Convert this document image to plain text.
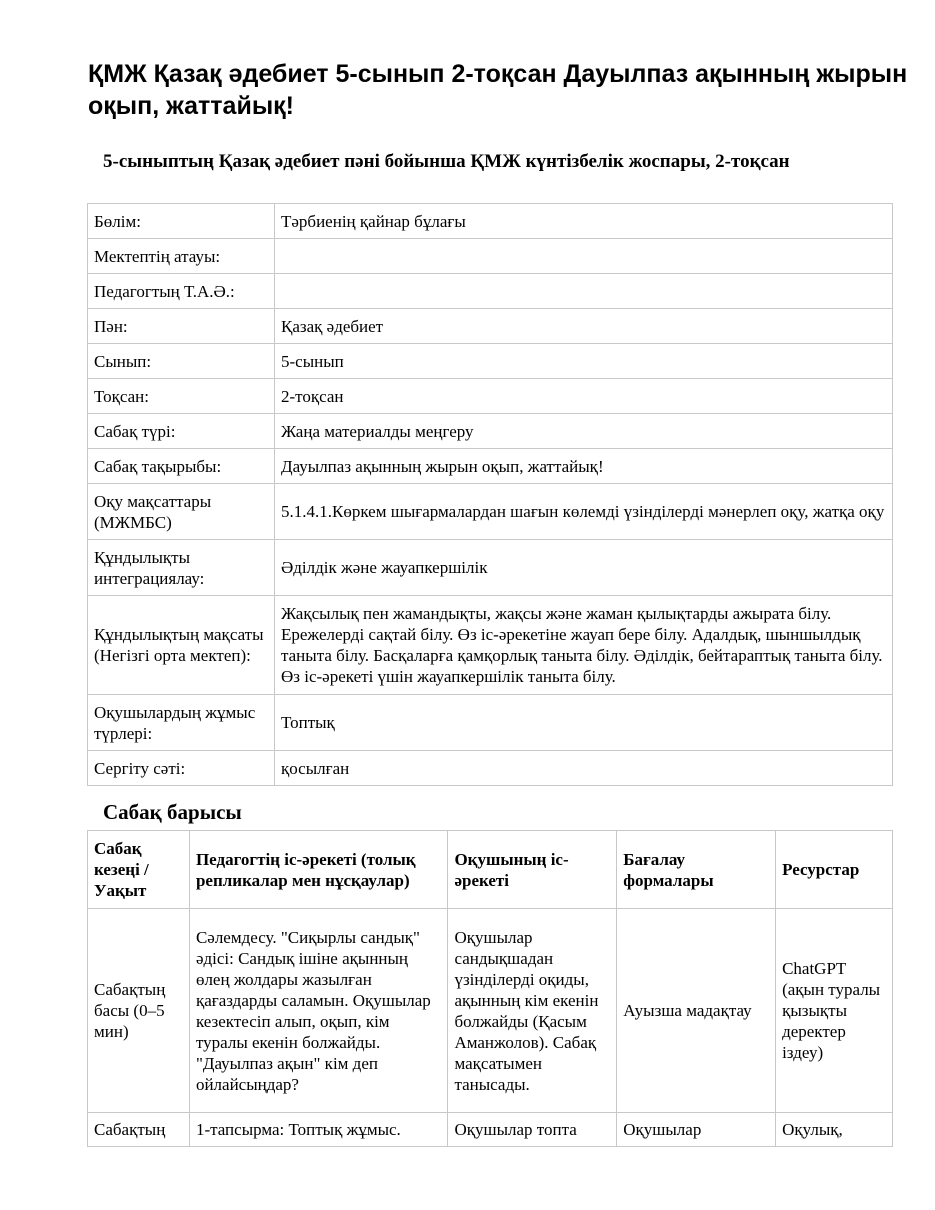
ҚМЖ Қазақ әдебиет 5-сынып 2-тоқсан Дауылпаз ақынның жырын оқып, жаттайық!
5-сыныптың Қазақ әдебиет пәні бойынша ҚМЖ күнтізбелік жоспары, 2-тоқсан
Бөлім:	Тәрбиенің қайнар бұлағы
Мектептің атауы:	
Педагогтың Т.А.Ә.:	
Пән:	Қазақ әдебиет
Сынып:	5-сынып
Тоқсан:	2-тоқсан
Сабақ түрі:	Жаңа материалды меңгеру
Сабақ тақырыбы:	Дауылпаз ақынның жырын оқып, жаттайық!
Оқу мақсаттары (МЖМБС)	5.1.4.1.Көркем шығармалардан шағын көлемді үзінділерді мәнерлеп оқу, жатқа оқу
Құндылықты интеграциялау:	Әділдік және жауапкершілік
Құндылықтың мақсаты (Негізгі орта мектеп):	Жақсылық пен жамандықты, жақсы және жаман қылықтарды ажырата білу. Ережелерді сақтай білу. Өз іс-әрекетіне жауап бере білу. Адалдық, шыншылдық таныта білу. Басқаларға қамқорлық таныта білу. Әділдік, бейтараптық таныта білу. Өз іс-әрекеті үшін жауапкершілік таныта білу.
Оқушылардың жұмыс түрлері:	Топтық
Сергіту сәті:	қосылған
Сабақ барысы
Сабақ кезеңі / Уақыт	Педагогтің іс-әрекеті (толық репликалар мен нұсқаулар)	Оқушының іс-әрекеті	Бағалау формалары	Ресурстар
Сабақтың басы (0–5 мин)	Сәлемдесу. "Сиқырлы сандық" әдісі: Сандық ішіне ақынның өлең жолдары жазылған қағаздарды саламын. Оқушылар кезектесіп алып, оқып, кім туралы екенін болжайды. "Дауылпаз ақын" кім деп ойлайсыңдар?	Оқушылар сандықшадан үзінділерді оқиды, ақынның кім екенін болжайды (Қасым Аманжолов). Сабақ мақсатымен танысады.	Ауызша мадақтау	ChatGPT (ақын туралы қызықты деректер іздеу)
Сабақтың	1-тапсырма: Топтық жұмыс.	Оқушылар топта	Оқушылар	Оқулық,
